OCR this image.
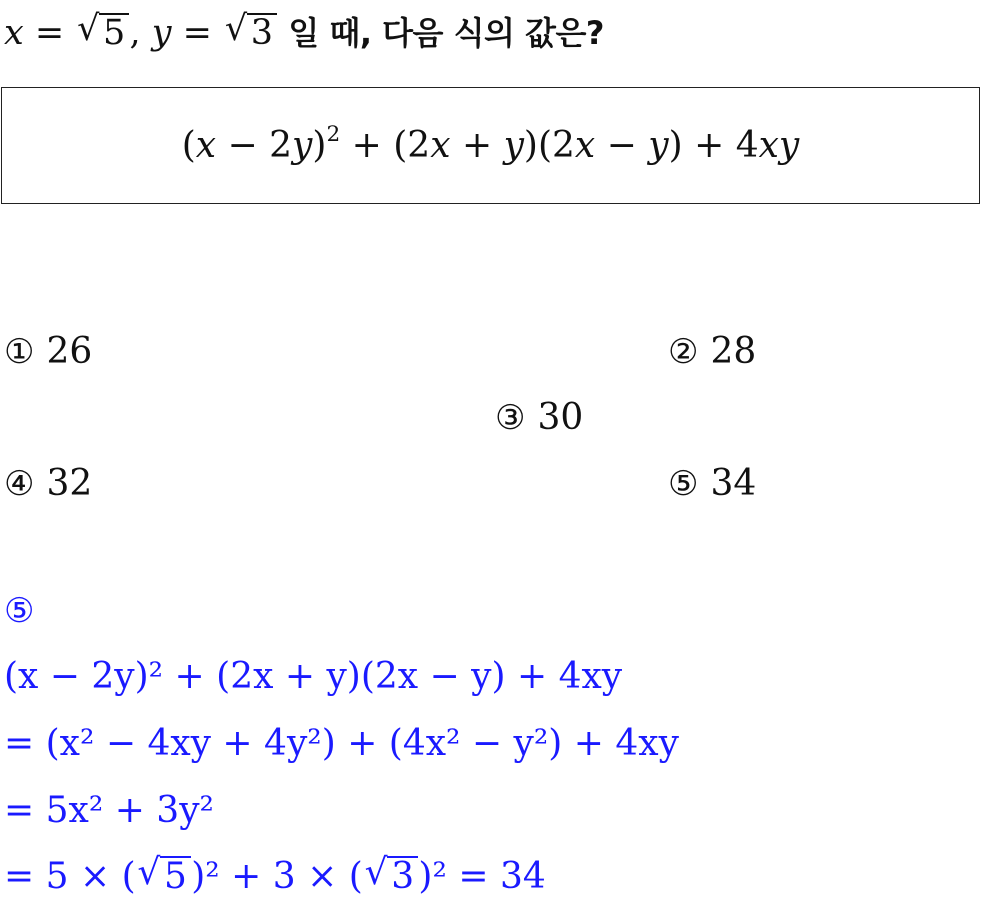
x = √ 5 , y = √ 3 일 때, 다음 식의 값은?
$(x - 2y)^2 + (2x + y)(2x - y) + 4xy$
① 26	② 28
③ 30
④ 32	⑤ 34
⑤
(x − 2y)² + (2x + y)(2x − y) + 4xy
= (x² − 4xy + 4y²) + (4x² − y²) + 4xy
= 5x² + 3y²
= 5 × ( √ 5 )² + 3 × ( √ 3 )² = 34
